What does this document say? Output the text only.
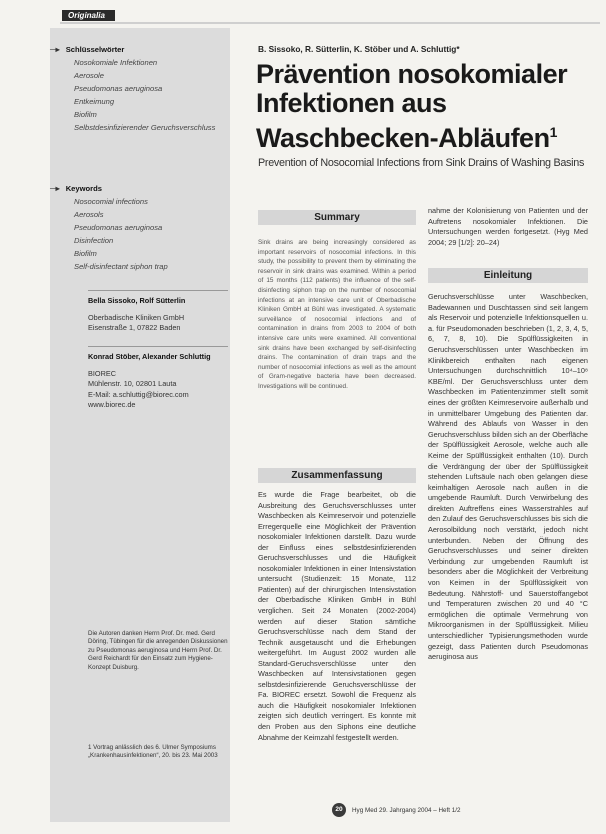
Originalia
─▸ Schlüsselwörter
Nosokomiale Infektionen
Aerosole
Pseudomonas aeruginosa
Entkeimung
Biofilm
Selbstdesinfizierender Geruchsverschluss
─▸ Keywords
Nosocomial infections
Aerosols
Pseudomonas aeruginosa
Disinfection
Biofilm
Self-disinfectant siphon trap
Bella Sissoko, Rolf Sütterlin
Oberbadische Kliniken GmbH
Eisenstraße 1, 07822 Baden
Konrad Stöber, Alexander Schluttig
BIOREC
Mühlenstr. 10, 02801 Lauta
E-Mail: a.schluttig@biorec.com
www.biorec.de
Die Autoren danken Herrn Prof. Dr. med. Gerd Döring, Tübingen für die anregenden Diskussionen zu Pseudomonas aeruginosa und Herrn Prof. Dr. Gerd Reichardt für den Einsatz zum Hygiene-Konzept Duisburg.
1 Vortrag anlässlich des 6. Ulmer Symposiums „Krankenhausinfektionen“, 20. bis 23. Mai 2003
B. Sissoko, R. Sütterlin, K. Stöber und A. Schluttig*
Prävention nosokomialer Infektionen aus Waschbecken-Abläufen$^1$
Prevention of Nosocomial Infections from Sink Drains of Washing Basins
Summary

Sink drains are being increasingly considered as important reservoirs of nosocomial infections. In this study, the possibility to prevent them by eliminating the reservoir in sink drains was examined. Within a period of 15 months (112 patients) the influence of the self-disinfecting siphon trap on the number of nosocomial infections at an intensive care unit of Oberbadische Kliniken GmbH at Bühl was investigated. A systematic surveillance of nosocomial infections and of contamination in drains from 2003 to 2004 of both intensive care units were examined. All conventional sink drains have been exchanged by self-disinfecting drains. The contamination of drain traps and the number of nosocomial infections as well as the amount of Gram-negative bacteria have been decreased. Investigations will be continued.

Zusammenfassung

Es wurde die Frage bearbeitet, ob die Ausbreitung des Geruchsverschlusses unter Waschbecken als Keimreservoir und potenzielle Erregerquelle eine Möglichkeit der Prävention nosokomialer Infektionen darstellt. Dazu wurde der Einfluss eines selbstdesinfizierenden Geruchsverschlusses und die Häufigkeit nosokomialer Infektionen in einer Intensivstation untersucht (Studienzeit: 15 Monate, 112 Patienten) auf der chirurgischen Intensivstation der Oberbadische Kliniken GmbH in Bühl verglichen. Seit 24 Monaten (2002-2004) werden auf dieser Station sämtliche Geruchsverschlüsse nach dem Stand der Technik ausgetauscht und die Erhebungen weitergeführt. Im August 2002 wurden alle Standard-Geruchsverschlüsse unter den Waschbecken auf Intensivstationen gegen selbstdesinfizierende Geruchsverschlüsse der Fa. BIOREC ersetzt. Sowohl die Frequenz als auch die Häufigkeit nosokomialer Infektionen zeigten sich deutlich verringert. Es konnte mit den Proben aus den Siphons eine deutliche Abnahme der Keimzahl festgestellt werden.

nahme der Kolonisierung von Patienten und der Auftretens nosokomialer Infektionen. Die Untersuchungen werden fortgesetzt. (Hyg Med 2004; 29 [1/2]: 20–24)

Einleitung

Geruchsverschlüsse unter Waschbecken, Badewannen und Duschtassen sind seit langem als Reservoir und potenzielle Infektionsquellen u. a. für Pseudomonaden beschrieben (1, 2, 3, 4, 5, 6, 7, 8, 10). Die Spülflüssigkeiten in Geruchsverschlüssen unter Waschbecken im Klinikbereich enthalten nach eigenen Untersuchungen durchschnittlich 10⁴–10⁸ KBE/ml. Der Geruchsverschluss unter dem Waschbecken im Patientenzimmer stellt somit eines der größten Keimreservoire außerhalb und in unmittelbarer Umgebung des Patienten dar. Während des Ablaufs von Wasser in den Geruchsverschluss bilden sich an der Oberfläche der Spülflüssigkeit Aerosole, welche auch alle Keime der Spülflüssigkeit enthalten (10). Durch die Verdrängung der über der Spülflüssigkeit stehenden Luftsäule nach oben gelangen diese keimhaltigen Aerosole nach außen in die umgebende Raumluft. Durch Verwirbelung des direkten Auftreffens eines Wasserstrahles auf den Zulauf des Geruchsverschlusses bis sich die Aerosolbildung noch verstärkt, jedoch nicht unterbunden. Neben der Öffnung des Geruchsverschlusses und seiner direkten Verbindung zur umgebenden Raumluft ist besonders aber die Möglichkeit der Verbreitung von Keimen in der Spülflüssigkeit von Bedeutung. Nährstoff- und Sauerstoffangebot und Temperaturen zwischen 20 und 40 °C ermöglichen die optimale Vermehrung von Mikroorganismen in der Spülflüssigkeit. Milieu unterschiedlicher Typisierungsmethoden wurde gezeigt, dass Patienten durch Pseudomonas aeruginosa aus

20	Hyg Med 29. Jahrgang 2004 – Heft 1/2
